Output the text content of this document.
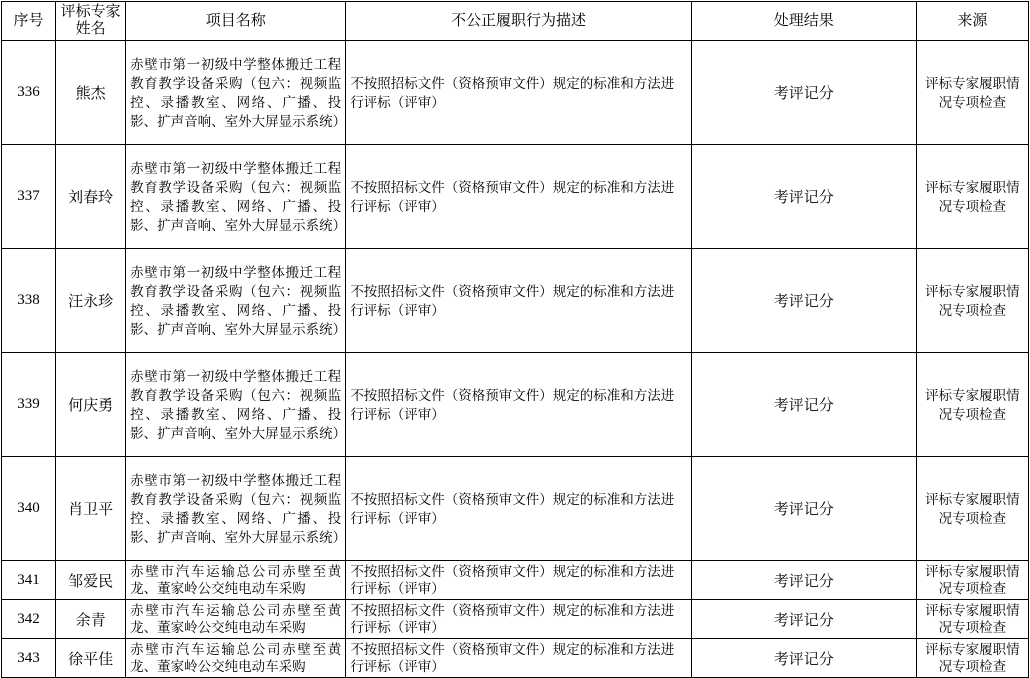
序号	评标专家姓名	项目名称	不公正履职行为描述	处理结果	来源
336	熊杰	赤壁市第一初级中学整体搬迁工程教育教学设备采购（包六：视频监控、录播教室、网络、广播、投影、扩声音响、室外大屏显示系统）	不按照招标文件（资格预审文件）规定的标准和方法进行评标（评审）	考评记分	评标专家履职情况专项检查
337	刘春玲	赤壁市第一初级中学整体搬迁工程教育教学设备采购（包六：视频监控、录播教室、网络、广播、投影、扩声音响、室外大屏显示系统）	不按照招标文件（资格预审文件）规定的标准和方法进行评标（评审）	考评记分	评标专家履职情况专项检查
338	汪永珍	赤壁市第一初级中学整体搬迁工程教育教学设备采购（包六：视频监控、录播教室、网络、广播、投影、扩声音响、室外大屏显示系统）	不按照招标文件（资格预审文件）规定的标准和方法进行评标（评审）	考评记分	评标专家履职情况专项检查
339	何庆勇	赤壁市第一初级中学整体搬迁工程教育教学设备采购（包六：视频监控、录播教室、网络、广播、投影、扩声音响、室外大屏显示系统）	不按照招标文件（资格预审文件）规定的标准和方法进行评标（评审）	考评记分	评标专家履职情况专项检查
340	肖卫平	赤壁市第一初级中学整体搬迁工程教育教学设备采购（包六：视频监控、录播教室、网络、广播、投影、扩声音响、室外大屏显示系统）	不按照招标文件（资格预审文件）规定的标准和方法进行评标（评审）	考评记分	评标专家履职情况专项检查
341	邹爱民	赤壁市汽车运输总公司赤壁至黄龙、董家岭公交纯电动车采购	不按照招标文件（资格预审文件）规定的标准和方法进行评标（评审）	考评记分	评标专家履职情况专项检查
342	余青	赤壁市汽车运输总公司赤壁至黄龙、董家岭公交纯电动车采购	不按照招标文件（资格预审文件）规定的标准和方法进行评标（评审）	考评记分	评标专家履职情况专项检查
343	徐平佳	赤壁市汽车运输总公司赤壁至黄龙、董家岭公交纯电动车采购	不按照招标文件（资格预审文件）规定的标准和方法进行评标（评审）	考评记分	评标专家履职情况专项检查
